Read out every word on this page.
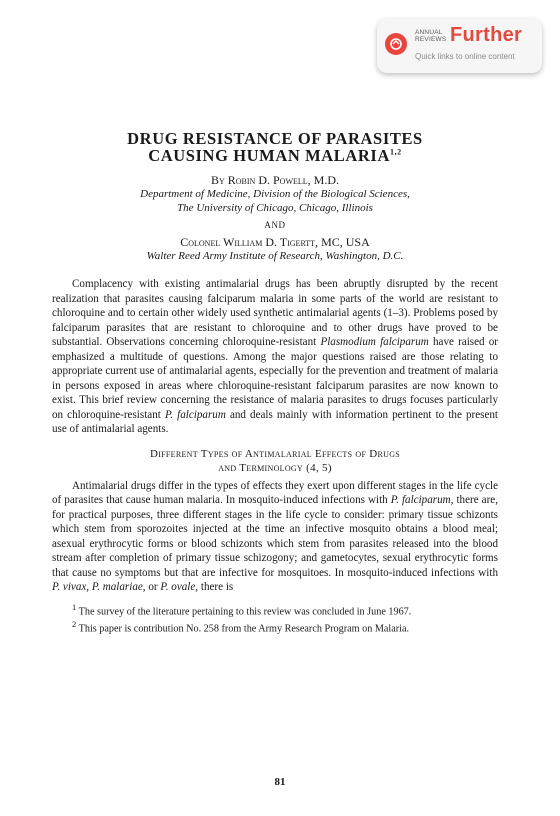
ANNUAL
REVIEWS Further
Quick links to online content
DRUG RESISTANCE OF PARASITES
CAUSING HUMAN MALARIA$^{1,2}$
By Robin D. Powell, M.D.
Department of Medicine, Division of the Biological Sciences,
The University of Chicago, Chicago, Illinois
AND
Colonel William D. Tigertt, MC, USA
Walter Reed Army Institute of Research, Washington, D.C.

Complacency with existing antimalarial drugs has been abruptly disrupted by the recent realization that parasites causing falciparum malaria in some parts of the world are resistant to chloroquine and to certain other widely used synthetic antimalarial agents (1–3). Problems posed by falciparum parasites that are resistant to chloroquine and to other drugs have proved to be substantial. Observations concerning chloroquine-resistant Plasmodium falciparum have raised or emphasized a multitude of questions. Among the major questions raised are those relating to appropriate current use of antimalarial agents, especially for the prevention and treatment of malaria in persons exposed in areas where chloroquine-resistant falciparum parasites are now known to exist. This brief review concerning the resistance of malaria parasites to drugs focuses particularly on chloroquine-resistant P. falciparum and deals mainly with information pertinent to the present use of antimalarial agents.

Different Types of Antimalarial Effects of Drugs
and Terminology (4, 5)

Antimalarial drugs differ in the types of effects they exert upon different stages in the life cycle of parasites that cause human malaria. In mosquito-induced infections with P. falciparum, there are, for practical purposes, three different stages in the life cycle to consider: primary tissue schizonts which stem from sporozoites injected at the time an infective mosquito obtains a blood meal; asexual erythrocytic forms or blood schizonts which stem from parasites released into the blood stream after completion of primary tissue schizogony; and gametocytes, sexual erythrocytic forms that cause no symptoms but that are infective for mosquitoes. In mosquito-induced infections with P. vivax, P. malariae, or P. ovale, there is

$^1$ The survey of the literature pertaining to this review was concluded in June 1967.

$^2$ This paper is contribution No. 258 from the Army Research Program on Malaria.

81
